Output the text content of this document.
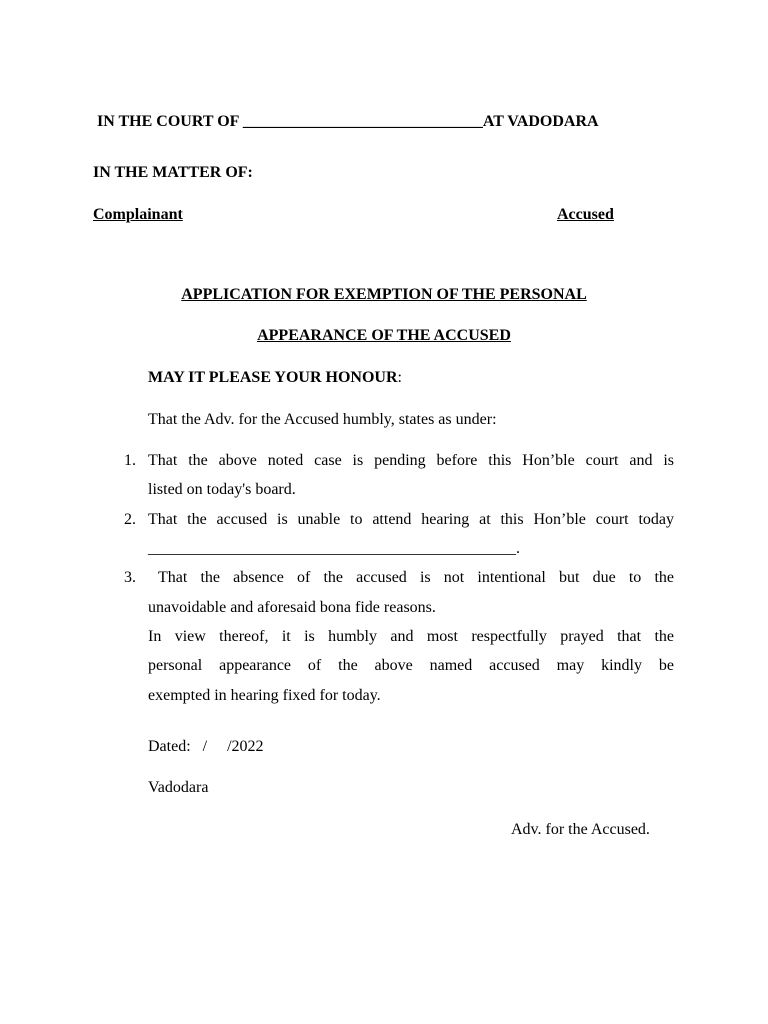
IN THE COURT OF ______________________________AT VADODARA
IN THE MATTER OF:
Complainant	Accused
APPLICATION FOR EXEMPTION OF THE PERSONAL
APPEARANCE OF THE ACCUSED
MAY IT PLEASE YOUR HONOUR:
That the Adv. for the Accused humbly, states as under:
1. That the above noted case is pending before this Hon’ble court and is
listed on today's board.
2. That the accused is unable to attend hearing at this Hon’ble court today
______________________________________________.
3. That the absence of the accused is not intentional but due to the
unavoidable and aforesaid bona fide reasons.
In view thereof, it is humbly and most respectfully prayed that the
personal appearance of the above named accused may kindly be
exempted in hearing fixed for today.
Dated:   /     /2022
Vadodara
Adv. for the Accused.
